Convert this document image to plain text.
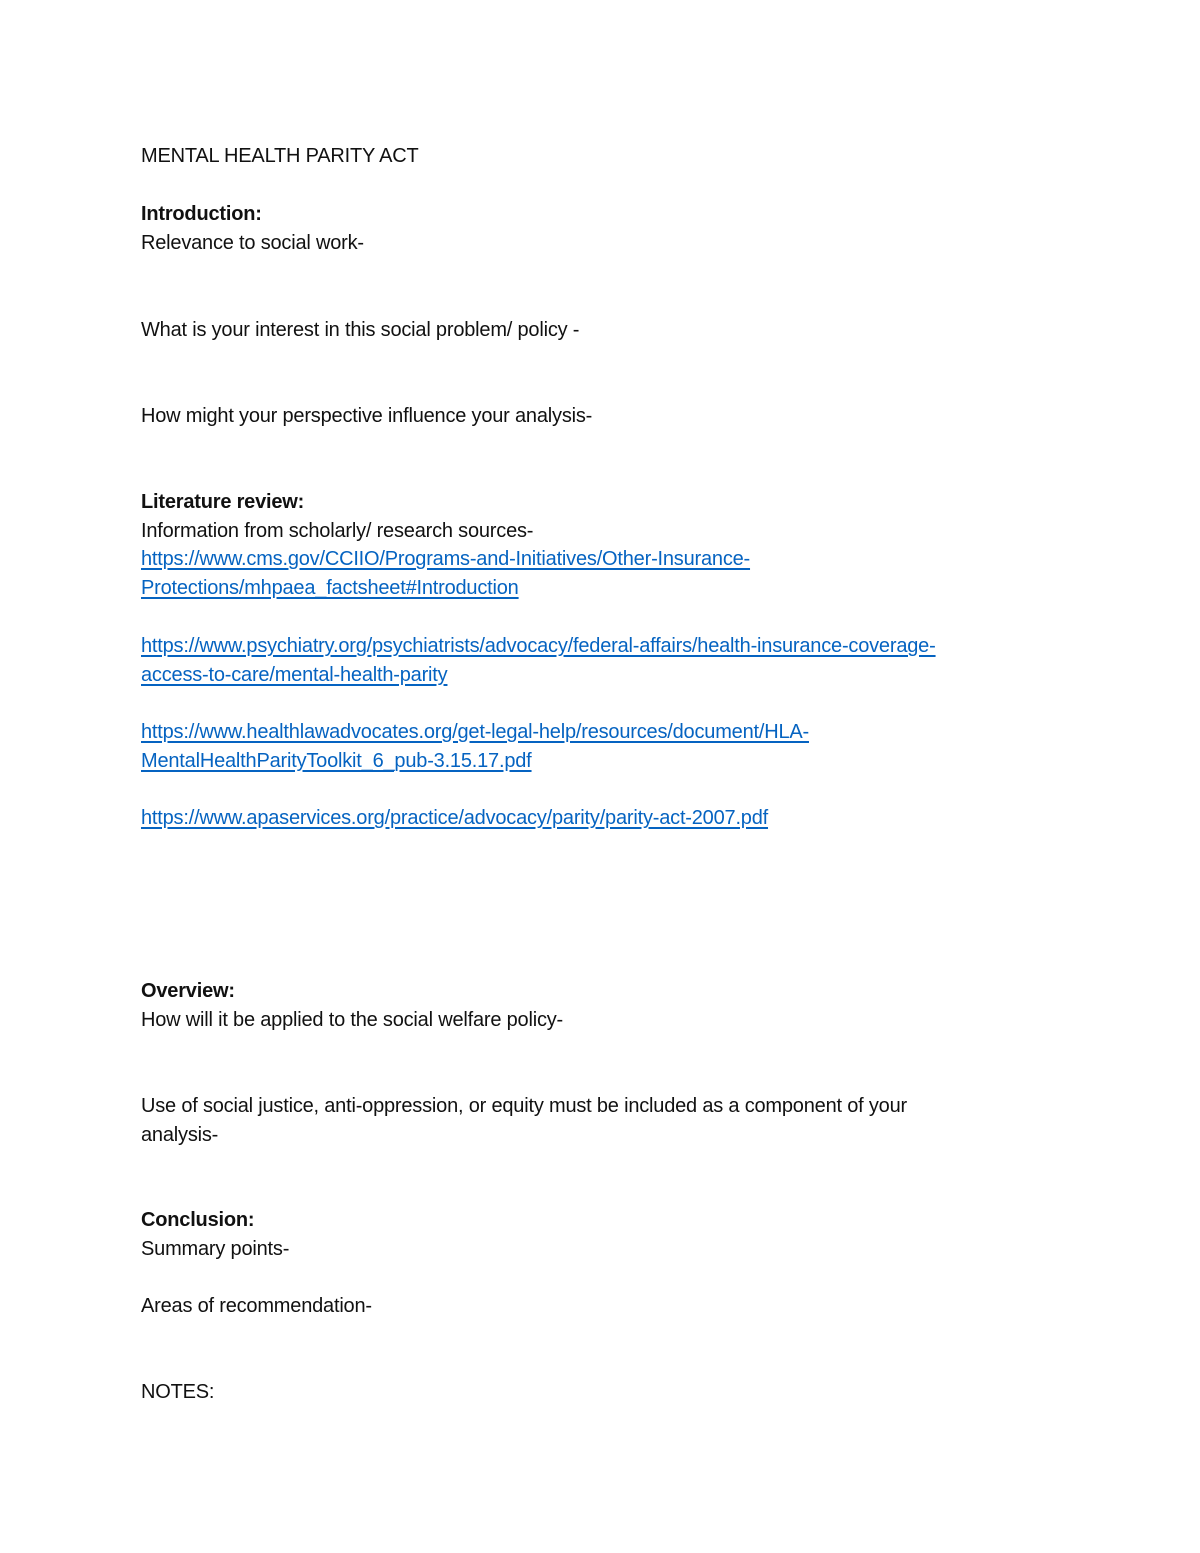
MENTAL HEALTH PARITY ACT
Introduction:
Relevance to social work-
What is your interest in this social problem/ policy -
How might your perspective influence your analysis-
Literature review:
Information from scholarly/ research sources-
https://www.cms.gov/CCIIO/Programs-and-Initiatives/Other-Insurance-
Protections/mhpaea_factsheet#Introduction
https://www.psychiatry.org/psychiatrists/advocacy/federal-affairs/health-insurance-coverage-
access-to-care/mental-health-parity
https://www.healthlawadvocates.org/get-legal-help/resources/document/HLA-
MentalHealthParityToolkit_6_pub-3.15.17.pdf
https://www.apaservices.org/practice/advocacy/parity/parity-act-2007.pdf
Overview:
How will it be applied to the social welfare policy-
Use of social justice, anti-oppression, or equity must be included as a component of your
analysis-
Conclusion:
Summary points-
Areas of recommendation-
NOTES:
